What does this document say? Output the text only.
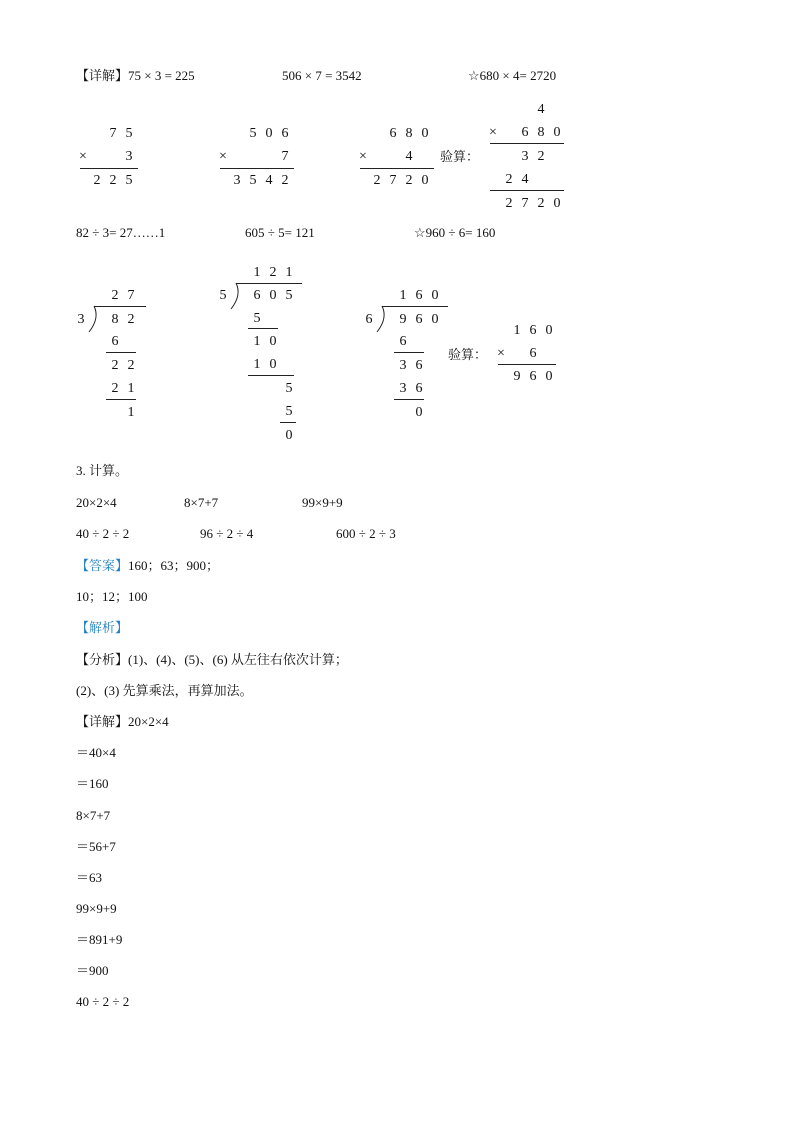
【详解】75 × 3 = 225	506 × 7 = 3542	☆680 × 4= 2720
7 5
×	3
2 2 5
5 0 6
×	7
3 5 4 2
6 8 0
×	4
2 7 2 0
验算：
4
× 6 8 0
3 2
2 4
2 7 2 0
82 ÷ 3= 27……1	605 ÷ 5= 121	☆960 ÷ 6= 160
2 7
3 8 2
6
2 2
2 1
1
1 2 1
5 6 0 5
5
1 0
1 0
5
5
0
1 6 0
6 9 6 0
6
3 6
3 6
0
验算：
1 6 0
× 6
9 6 0
3. 计算。
20×2×4	8×7+7	99×9+9
40 ÷ 2 ÷ 2	96 ÷ 2 ÷ 4	600 ÷ 2 ÷ 3
【答案】160；63；900；
10；12；100
【解析】
【分析】(1)、(4)、(5)、(6) 从左往右依次计算；
(2)、(3) 先算乘法，再算加法。
【详解】20×2×4
＝40×4
＝160
8×7+7
＝56+7
＝63
99×9+9
＝891+9
＝900
40 ÷ 2 ÷ 2
